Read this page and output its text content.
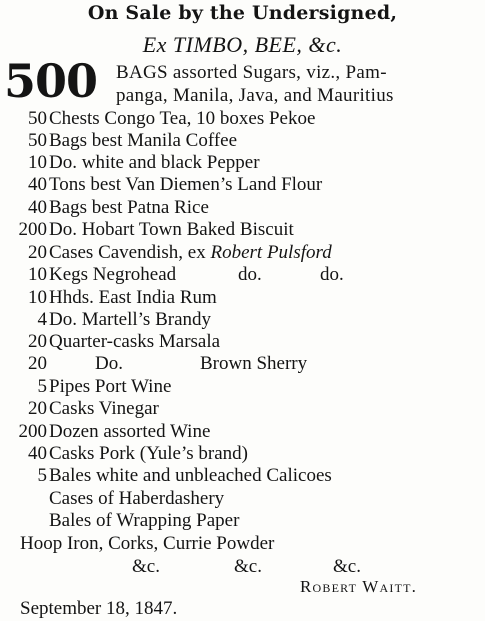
On Sale by the Undersigned,
Ex TIMBO, BEE, &c.
500 BAGS assorted Sugars, viz., Pam-
panga, Manila, Java, and Mauritius
50 Chests Congo Tea, 10 boxes Pekoe
50 Bags best Manila Coffee
10 Do. white and black Pepper
40 Tons best Van Diemen’s Land Flour
40 Bags best Patna Rice
200 Do. Hobart Town Baked Biscuit
20 Cases Cavendish, ex Robert Pulsford
10 Kegs Negrohead	do.	do.
10 Hhds. East India Rum
4 Do. Martell’s Brandy
20 Quarter-casks Marsala
20	Do.	Brown Sherry
5 Pipes Port Wine
20 Casks Vinegar
200 Dozen assorted Wine
40 Casks Pork (Yule’s brand)
5 Bales white and unbleached Calicoes
Cases of Haberdashery
Bales of Wrapping Paper
Hoop Iron, Corks, Currie Powder
&c.	&c.	&c.
Robert Waitt.
September 18, 1847.
